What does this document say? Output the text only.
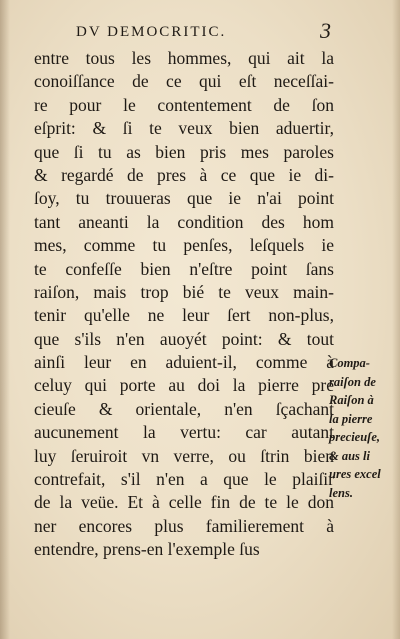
DV DEMOCRITIC.	3
entre tous les hommes, qui ait la
conoiſſance de ce qui eſt neceſſai-
re pour le contentement de ſon
eſprit: & ſi te veux bien aduertir,
que ſi tu as bien pris mes paroles
& regardé de pres à ce que ie di-
ſoy, tu trouueras que ie n'ai point
tant aneanti la condition des hom
mes, comme tu penſes, leſquels ie
te confeſſe bien n'eſtre point ſans
raiſon, mais trop bié te veux main-
tenir qu'elle ne leur ſert non-plus,
que s'ils n'en auoyét point: & tout
ainſi leur en aduient-il, comme à
celuy qui porte au doi la pierre pre
cieuſe & orientale, n'en ſçachant
aucunement la vertu: car autant
luy ſeruiroit vn verre, ou ſtrin bien
contrefait, s'il n'en a que le plaiſir
de la veüe. Et à celle fin de te le don
ner encores plus familierement à
entendre, prens-en l'exemple ſus
Compa-
raiſon de
Raiſon à
la pierre
precieuſe,
& aus li
ures excel
lens.
